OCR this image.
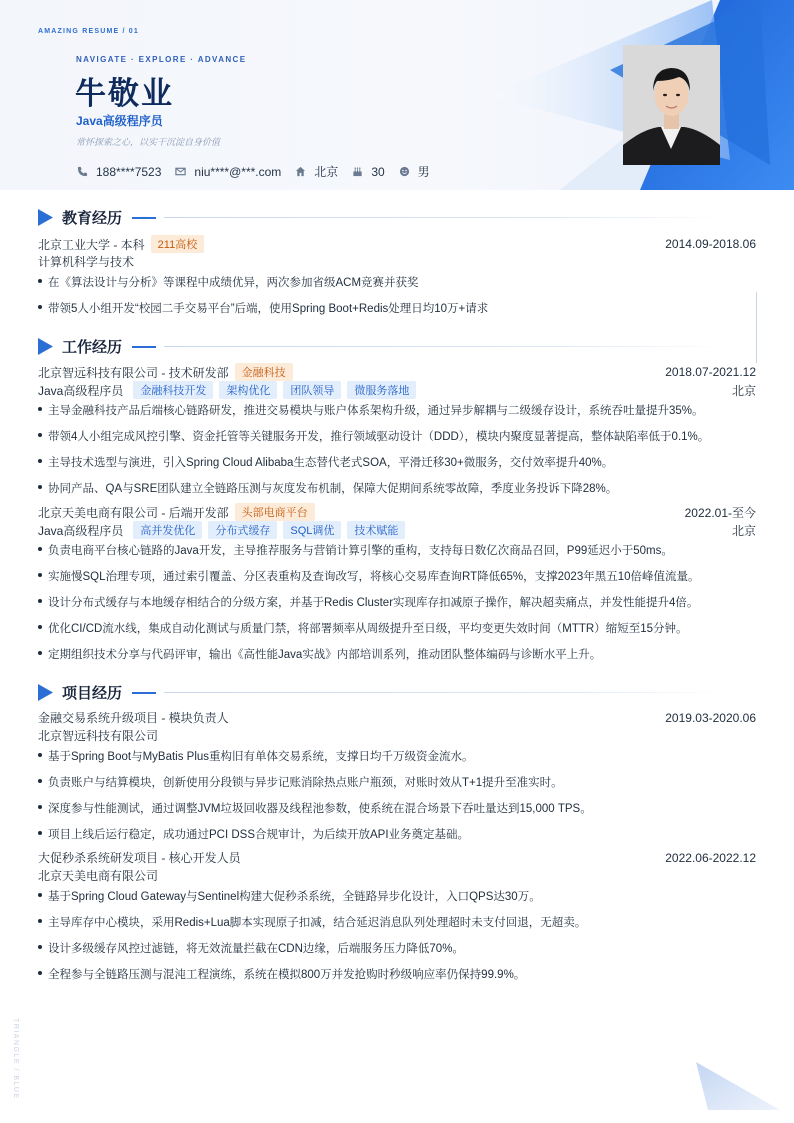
AMAZING RESUME / 01
NAVIGATE · EXPLORE · ADVANCE
牛敬业
Java高级程序员
常怀探索之心，以实干沉淀自身价值
188****7523	niu****@***.com	北京	30	男
教育经历
北京工业大学 - 本科	211高校	2014.09-2018.06
计算机科学与技术
在《算法设计与分析》等课程中成绩优异，两次参加省级ACM竞赛并获奖
带领5人小组开发“校园二手交易平台”后端，使用Spring Boot+Redis处理日均10万+请求
工作经历
北京智远科技有限公司 - 技术研发部	金融科技	2018.07-2021.12
Java高级程序员	金融科技开发	架构优化	团队领导	微服务落地	北京
主导金融科技产品后端核心链路研发，推进交易模块与账户体系架构升级，通过异步解耦与二级缓存设计，系统吞吐量提升35%。
带领4人小组完成风控引擎、资金托管等关键服务开发，推行领域驱动设计（DDD），模块内聚度显著提高，整体缺陷率低于0.1%。
主导技术选型与演进，引入Spring Cloud Alibaba生态替代老式SOA，平滑迁移30+微服务，交付效率提升40%。
协同产品、QA与SRE团队建立全链路压测与灰度发布机制，保障大促期间系统零故障，季度业务投诉下降28%。
北京天美电商有限公司 - 后端开发部	头部电商平台	2022.01-至今
Java高级程序员	高并发优化	分布式缓存	SQL调优	技术赋能	北京
负责电商平台核心链路的Java开发，主导推荐服务与营销计算引擎的重构，支持每日数亿次商品召回，P99延迟小于50ms。
实施慢SQL治理专项，通过索引覆盖、分区表重构及查询改写，将核心交易库查询RT降低65%，支撑2023年黑五10倍峰值流量。
设计分布式缓存与本地缓存相结合的分级方案，并基于Redis Cluster实现库存扣减原子操作，解决超卖痛点，并发性能提升4倍。
优化CI/CD流水线，集成自动化测试与质量门禁，将部署频率从周级提升至日级，平均变更失效时间（MTTR）缩短至15分钟。
定期组织技术分享与代码评审，输出《高性能Java实战》内部培训系列，推动团队整体编码与诊断水平上升。
项目经历
金融交易系统升级项目 - 模块负责人	2019.03-2020.06
北京智远科技有限公司
基于Spring Boot与MyBatis Plus重构旧有单体交易系统，支撑日均千万级资金流水。
负责账户与结算模块，创新使用分段锁与异步记账消除热点账户瓶颈，对账时效从T+1提升至准实时。
深度参与性能测试，通过调整JVM垃圾回收器及线程池参数，使系统在混合场景下吞吐量达到15,000 TPS。
项目上线后运行稳定，成功通过PCI DSS合规审计，为后续开放API业务奠定基础。
大促秒杀系统研发项目 - 核心开发人员	2022.06-2022.12
北京天美电商有限公司
基于Spring Cloud Gateway与Sentinel构建大促秒杀系统，全链路异步化设计，入口QPS达30万。
主导库存中心模块，采用Redis+Lua脚本实现原子扣减，结合延迟消息队列处理超时未支付回退，无超卖。
设计多级缓存风控过滤链，将无效流量拦截在CDN边缘，后端服务压力降低70%。
全程参与全链路压测与混沌工程演练，系统在模拟800万并发抢购时秒级响应率仍保持99.9%。
TRIANGLE / BLUE
